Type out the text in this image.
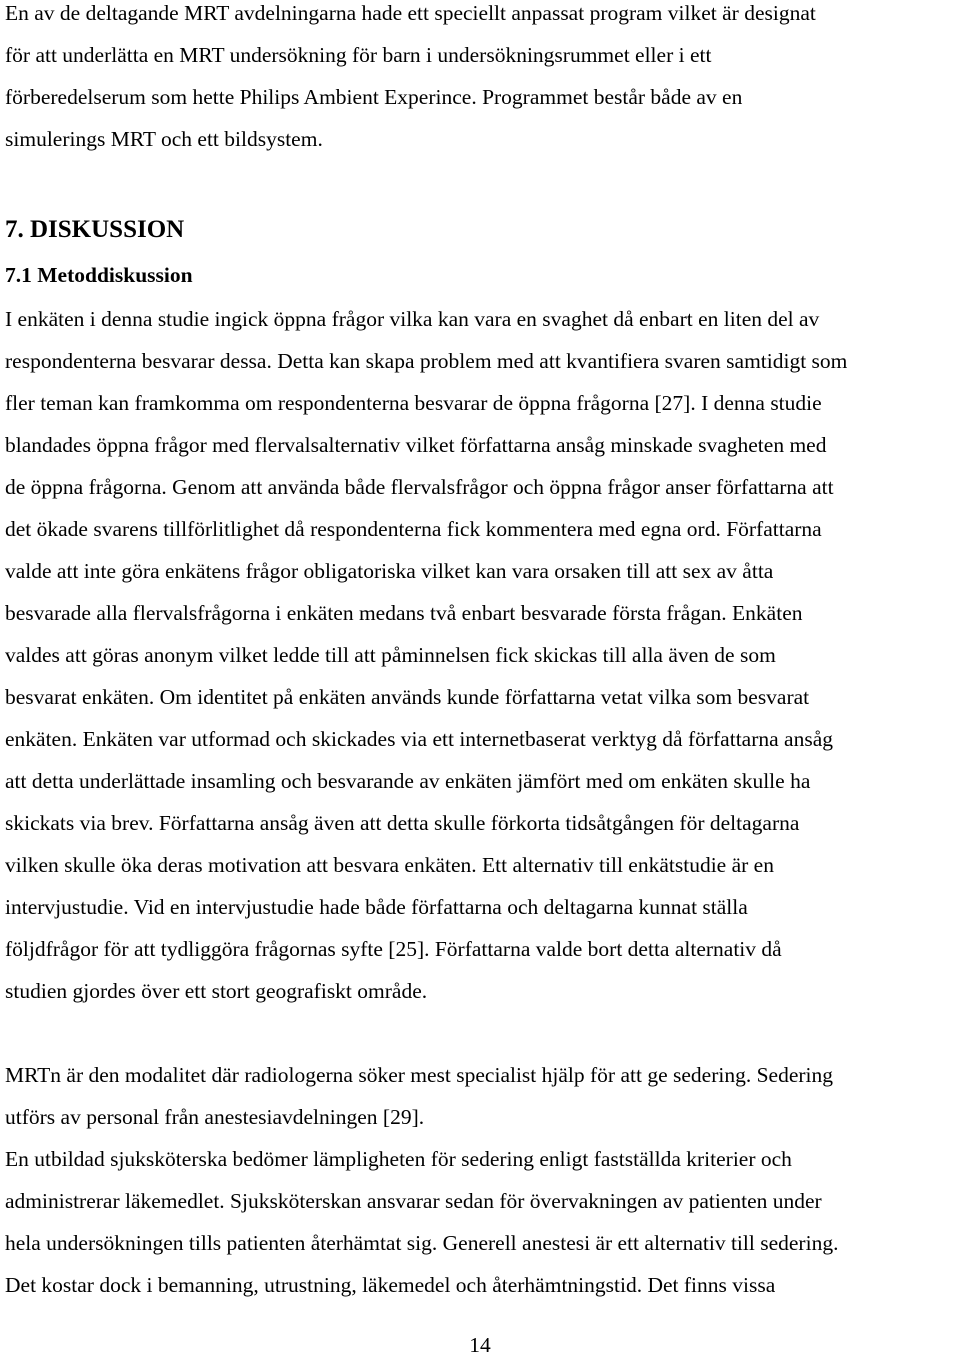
En av de deltagande MRT avdelningarna hade ett speciellt anpassat program vilket är designat
för att underlätta en MRT undersökning för barn i undersökningsrummet eller i ett
förberedelserum som hette Philips Ambient Experince. Programmet består både av en
simulerings MRT och ett bildsystem.
7. DISKUSSION
7.1 Metoddiskussion
I enkäten i denna studie ingick öppna frågor vilka kan vara en svaghet då enbart en liten del av
respondenterna besvarar dessa. Detta kan skapa problem med att kvantifiera svaren samtidigt som
fler teman kan framkomma om respondenterna besvarar de öppna frågorna [27]. I denna studie
blandades öppna frågor med flervalsalternativ vilket författarna ansåg minskade svagheten med
de öppna frågorna. Genom att använda både flervalsfrågor och öppna frågor anser författarna att
det ökade svarens tillförlitlighet då respondenterna fick kommentera med egna ord. Författarna
valde att inte göra enkätens frågor obligatoriska vilket kan vara orsaken till att sex av åtta
besvarade alla flervalsfrågorna i enkäten medans två enbart besvarade första frågan. Enkäten
valdes att göras anonym vilket ledde till att påminnelsen fick skickas till alla även de som
besvarat enkäten. Om identitet på enkäten används kunde författarna vetat vilka som besvarat
enkäten. Enkäten var utformad och skickades via ett internetbaserat verktyg då författarna ansåg
att detta underlättade insamling och besvarande av enkäten jämfört med om enkäten skulle ha
skickats via brev. Författarna ansåg även att detta skulle förkorta tidsåtgången för deltagarna
vilken skulle öka deras motivation att besvara enkäten. Ett alternativ till enkätstudie är en
intervjustudie. Vid en intervjustudie hade både författarna och deltagarna kunnat ställa
följdfrågor för att tydliggöra frågornas syfte [25]. Författarna valde bort detta alternativ då
studien gjordes över ett stort geografiskt område.
MRTn är den modalitet där radiologerna söker mest specialist hjälp för att ge sedering. Sedering
utförs av personal från anestesiavdelningen [29].
En utbildad sjuksköterska bedömer lämpligheten för sedering enligt fastställda kriterier och
administrerar läkemedlet. Sjuksköterskan ansvarar sedan för övervakningen av patienten under
hela undersökningen tills patienten återhämtat sig. Generell anestesi är ett alternativ till sedering.
Det kostar dock i bemanning, utrustning, läkemedel och återhämtningstid. Det finns vissa
14
